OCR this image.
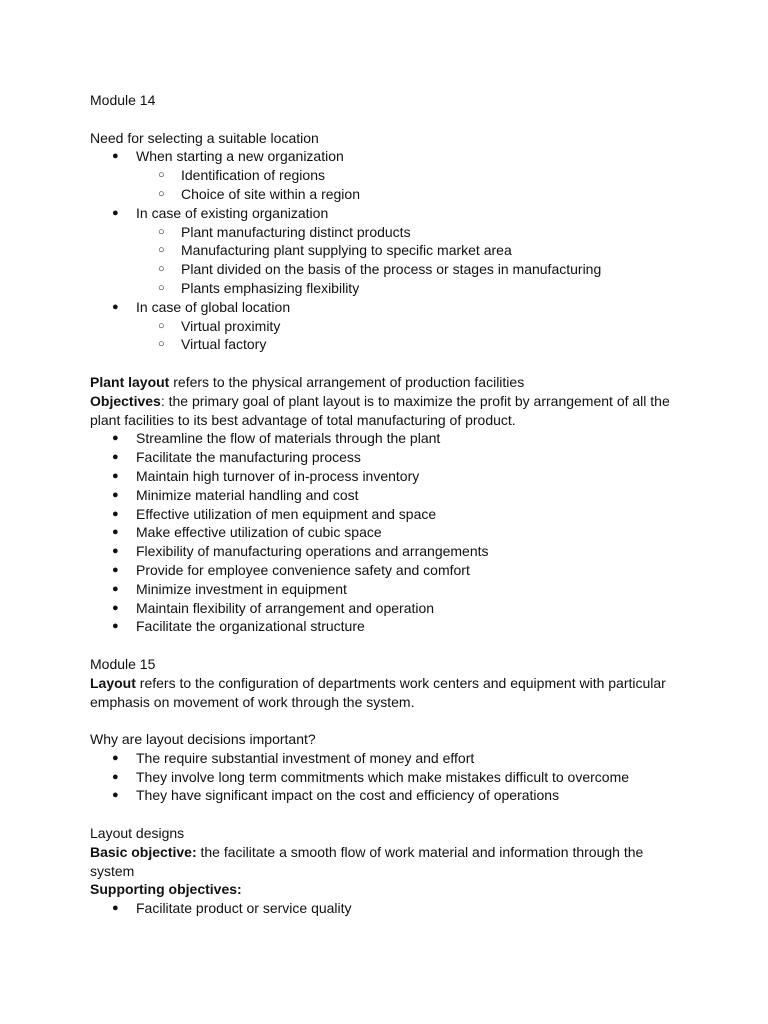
Module 14

Need for selecting a suitable location

● When starting a new organization
○ Identification of regions
○ Choice of site within a region
● In case of existing organization
○ Plant manufacturing distinct products
○ Manufacturing plant supplying to specific market area
○ Plant divided on the basis of the process or stages in manufacturing
○ Plants emphasizing flexibility
● In case of global location
○ Virtual proximity
○ Virtual factory

Plant layout refers to the physical arrangement of production facilities

Objectives: the primary goal of plant layout is to maximize the profit by arrangement of all the plant facilities to its best advantage of total manufacturing of product.

● Streamline the flow of materials through the plant
● Facilitate the manufacturing process
● Maintain high turnover of in-process inventory
● Minimize material handling and cost
● Effective utilization of men equipment and space
● Make effective utilization of cubic space
● Flexibility of manufacturing operations and arrangements
● Provide for employee convenience safety and comfort
● Minimize investment in equipment
● Maintain flexibility of arrangement and operation
● Facilitate the organizational structure

Module 15

Layout refers to the configuration of departments work centers and equipment with particular emphasis on movement of work through the system.

Why are layout decisions important?

● The require substantial investment of money and effort
● They involve long term commitments which make mistakes difficult to overcome
● They have significant impact on the cost and efficiency of operations

Layout designs

Basic objective: the facilitate a smooth flow of work material and information through the system

Supporting objectives:

● Facilitate product or service quality
